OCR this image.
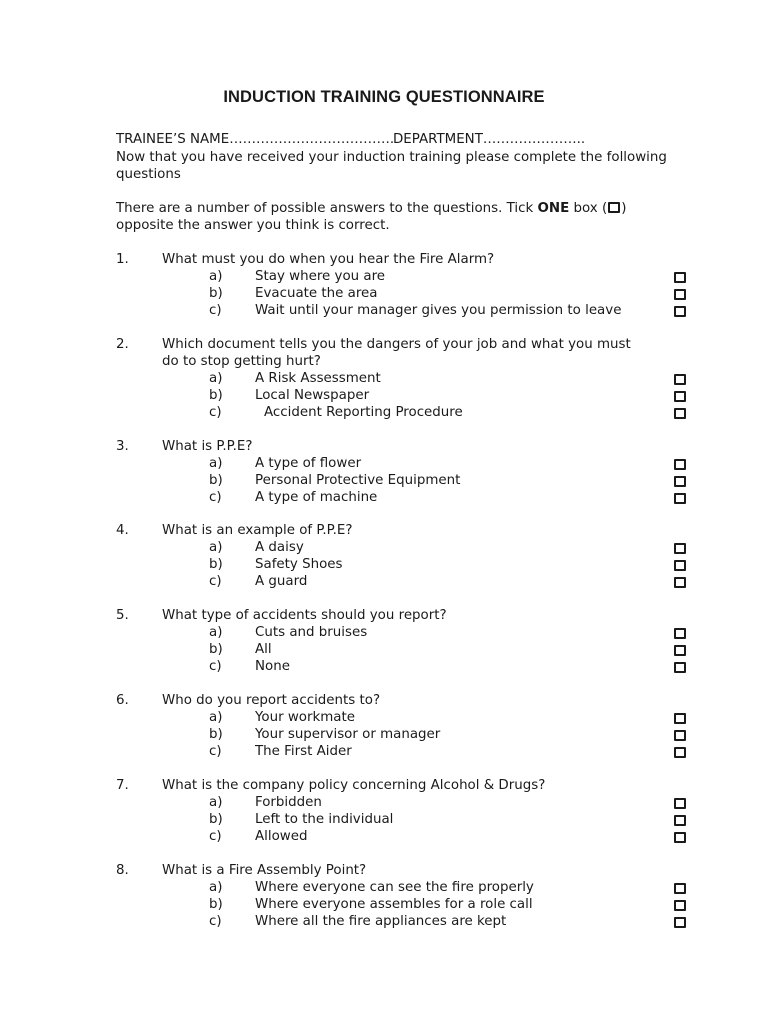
INDUCTION TRAINING QUESTIONNAIRE
TRAINEE’S NAME……………………………….
DEPARTMENT…………………..
Now that you have received your induction training please complete the following
questions
There are a number of possible answers to the questions. Tick ONE box ( )
opposite the answer you think is correct.
1. What must you do when you hear the Fire Alarm?
a) Stay where you are
b) Evacuate the area
c) Wait until your manager gives you permission to leave
2. Which document tells you the dangers of your job and what you must
do to stop getting hurt?
a) A Risk Assessment
b) Local Newspaper
c)	Accident Reporting Procedure
3. What is P.P.E?
a) A type of flower
b) Personal Protective Equipment
c) A type of machine
4. What is an example of P.P.E?
a) A daisy
b) Safety Shoes
c) A guard
5. What type of accidents should you report?
a) Cuts and bruises
b) All
c) None
6. Who do you report accidents to?
a) Your workmate
b) Your supervisor or manager
c) The First Aider
7. What is the company policy concerning Alcohol & Drugs?
a) Forbidden
b) Left to the individual
c) Allowed
8. What is a Fire Assembly Point?
a) Where everyone can see the fire properly
b) Where everyone assembles for a role call
c) Where all the fire appliances are kept
